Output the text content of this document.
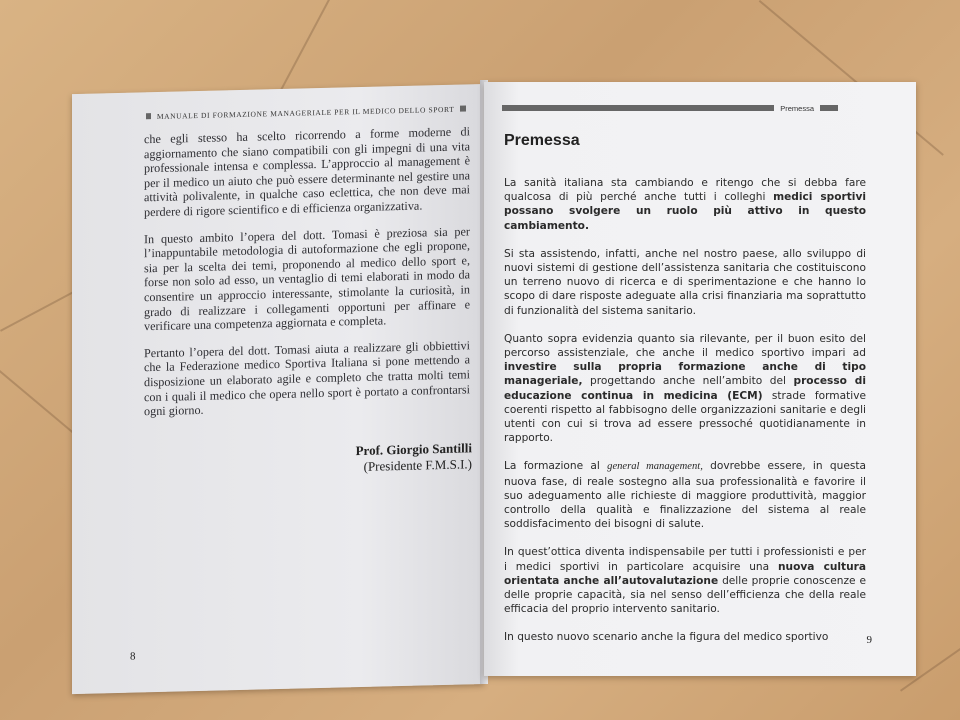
MANUALE DI FORMAZIONE MANAGERIALE PER IL MEDICO DELLO SPORT

che egli stesso ha scelto ricorrendo a forme moderne di aggiornamento che siano compatibili con gli impegni di una vita professionale intensa e complessa. L’approccio al management è per il medico un aiuto che può essere determinante nel gestire una attività polivalente, in qualche caso eclettica, che non deve mai perdere di rigore scientifico e di efficienza organizzativa.

In questo ambito l’opera del dott. Tomasi è preziosa sia per l’inappuntabile metodologia di autoformazione che egli propone, sia per la scelta dei temi, proponendo al medico dello sport e, forse non solo ad esso, un ventaglio di temi elaborati in modo da consentire un approccio interessante, stimolante la curiosità, in grado di realizzare i collegamenti opportuni per affinare e verificare una competenza aggiornata e completa.

Pertanto l’opera del dott. Tomasi aiuta a realizzare gli obbiettivi che la Federazione medico Sportiva Italiana si pone mettendo a disposizione un elaborato agile e completo che tratta molti temi con i quali il medico che opera nello sport è portato a confrontarsi ogni giorno.

Prof. Giorgio Santilli
(Presidente F.M.S.I.)
8
Premessa
Premessa

La sanità italiana sta cambiando e ritengo che si debba fare qualcosa di più perché anche tutti i colleghi medici sportivi possano svolgere un ruolo più attivo in questo cambiamento.

Si sta assistendo, infatti, anche nel nostro paese, allo sviluppo di nuovi sistemi di gestione dell’assistenza sanitaria che costituiscono un terreno nuovo di ricerca e di sperimentazione e che hanno lo scopo di dare risposte adeguate alla crisi finanziaria ma soprattutto di funzionalità del sistema sanitario.

Quanto sopra evidenzia quanto sia rilevante, per il buon esito del percorso assistenziale, che anche il medico sportivo impari ad investire sulla propria formazione anche di tipo manageriale, progettando anche nell’ambito del processo di educazione continua in medicina (ECM) strade formative coerenti rispetto al fabbisogno delle organizzazioni sanitarie e degli utenti con cui si trova ad essere pressoché quotidianamente in rapporto.

La formazione al general management, dovrebbe essere, in questa nuova fase, di reale sostegno alla sua professionalità e favorire il suo adeguamento alle richieste di maggiore produttività, maggior controllo della qualità e finalizzazione del sistema al reale soddisfacimento dei bisogni di salute.

In quest’ottica diventa indispensabile per tutti i professionisti e per i medici sportivi in particolare acquisire una nuova cultura orientata anche all’autovalutazione delle proprie conoscenze e delle proprie capacità, sia nel senso dell’efficienza che della reale efficacia del proprio intervento sanitario.

In questo nuovo scenario anche la figura del medico sportivo	9
